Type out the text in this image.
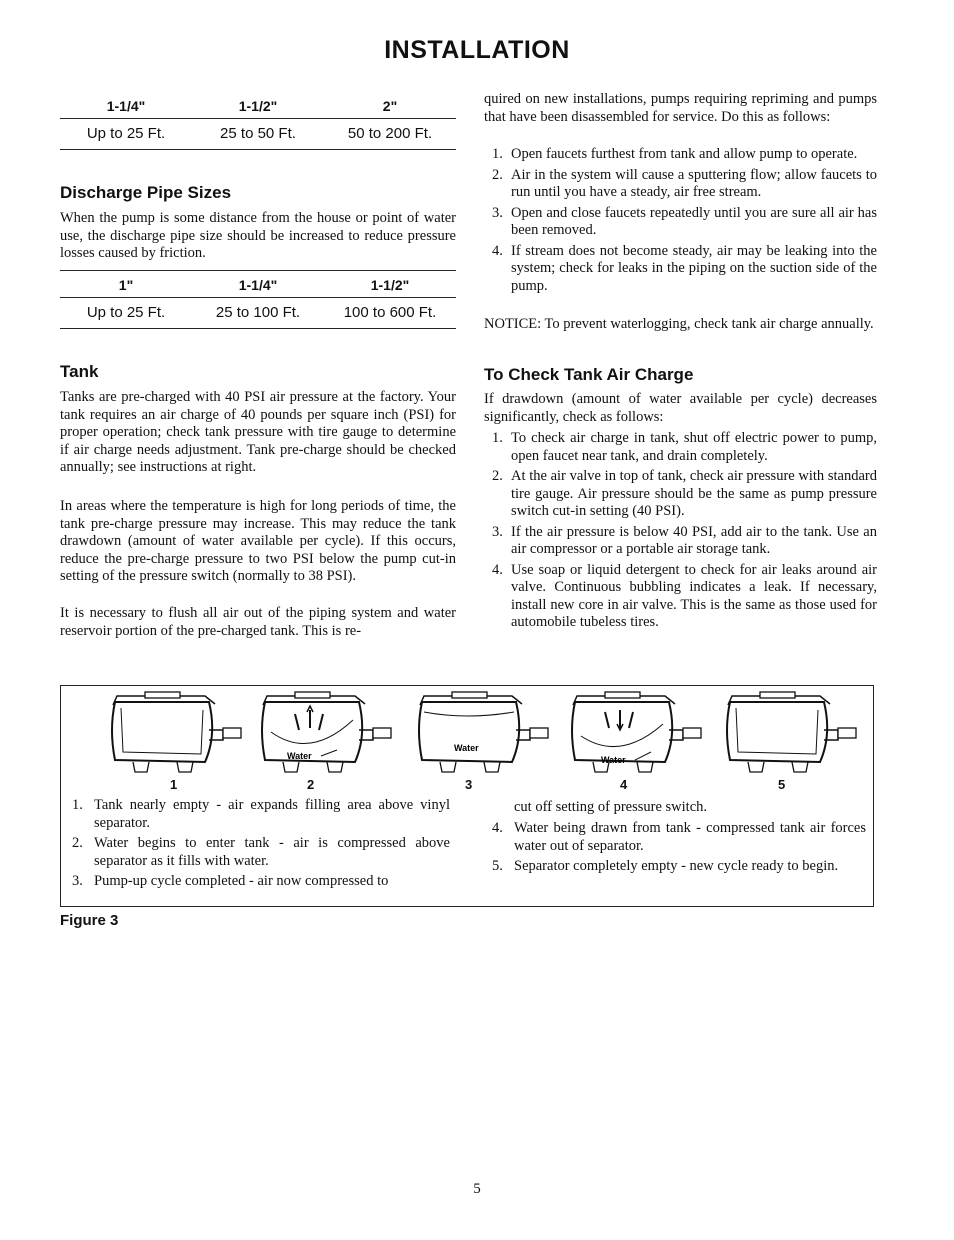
INSTALLATION
1-1/4"	1-1/2"	2"
Up to 25 Ft.	25 to 50 Ft.	50 to 200 Ft.
Discharge Pipe Sizes

When the pump is some distance from the house or point of water use, the discharge pipe size should be increased to reduce pressure losses caused by friction.

1"	1-1/4"	1-1/2"
Up to 25 Ft.	25 to 100 Ft.	100 to 600 Ft.
Tank

Tanks are pre-charged with 40 PSI air pressure at the factory. Your tank requires an air charge of 40 pounds per square inch (PSI) for proper operation; check tank pressure with tire gauge to determine if air charge needs adjustment. Tank pre-charge should be checked annually; see instructions at right.

In areas where the temperature is high for long periods of time, the tank pre-charge pressure may increase. This may reduce the tank drawdown (amount of water available per cycle). If this occurs, reduce the pre-charge pressure to two PSI below the pump cut-in setting of the pressure switch (normally to 38 PSI).

It is necessary to flush all air out of the piping system and water reservoir portion of the pre-charged tank. This is re-

quired on new installations, pumps requiring repriming and pumps that have been disassembled for service. Do this as follows:

1. Open faucets furthest from tank and allow pump to operate.
2. Air in the system will cause a sputtering flow; allow faucets to run until you have a steady, air free stream.
3. Open and close faucets repeatedly until you are sure all air has been removed.
4. If stream does not become steady, air may be leaking into the system; check for leaks in the piping on the suction side of the pump.

NOTICE: To prevent waterlogging, check tank air charge annually.

To Check Tank Air Charge

If drawdown (amount of water available per cycle) decreases significantly, check as follows:

1. To check air charge in tank, shut off electric power to pump, open faucet near tank, and drain completely.
2. At the air valve in top of tank, check air pressure with standard tire gauge. Air pressure should be the same as pump pressure switch cut-in setting (40 PSI).
3. If the air pressure is below 40 PSI, add air to the tank. Use an air compressor or a portable air storage tank.
4. Use soap or liquid detergent to check for air leaks around air valve. Continuous bubbling indicates a leak. If necessary, install new core in air valve. This is the same as those used for automobile tubeless tires.
1
Water
2
Water
3
Water
4	5
1. Tank nearly empty - air expands filling area above vinyl separator.
2. Water begins to enter tank - air is compressed above separator as it fills with water.
3. Pump-up cycle completed - air now compressed to

cut off setting of pressure switch.

4. Water being drawn from tank - compressed tank air forces water out of separator.
5. Separator completely empty - new cycle ready to begin.
Figure 3
5
